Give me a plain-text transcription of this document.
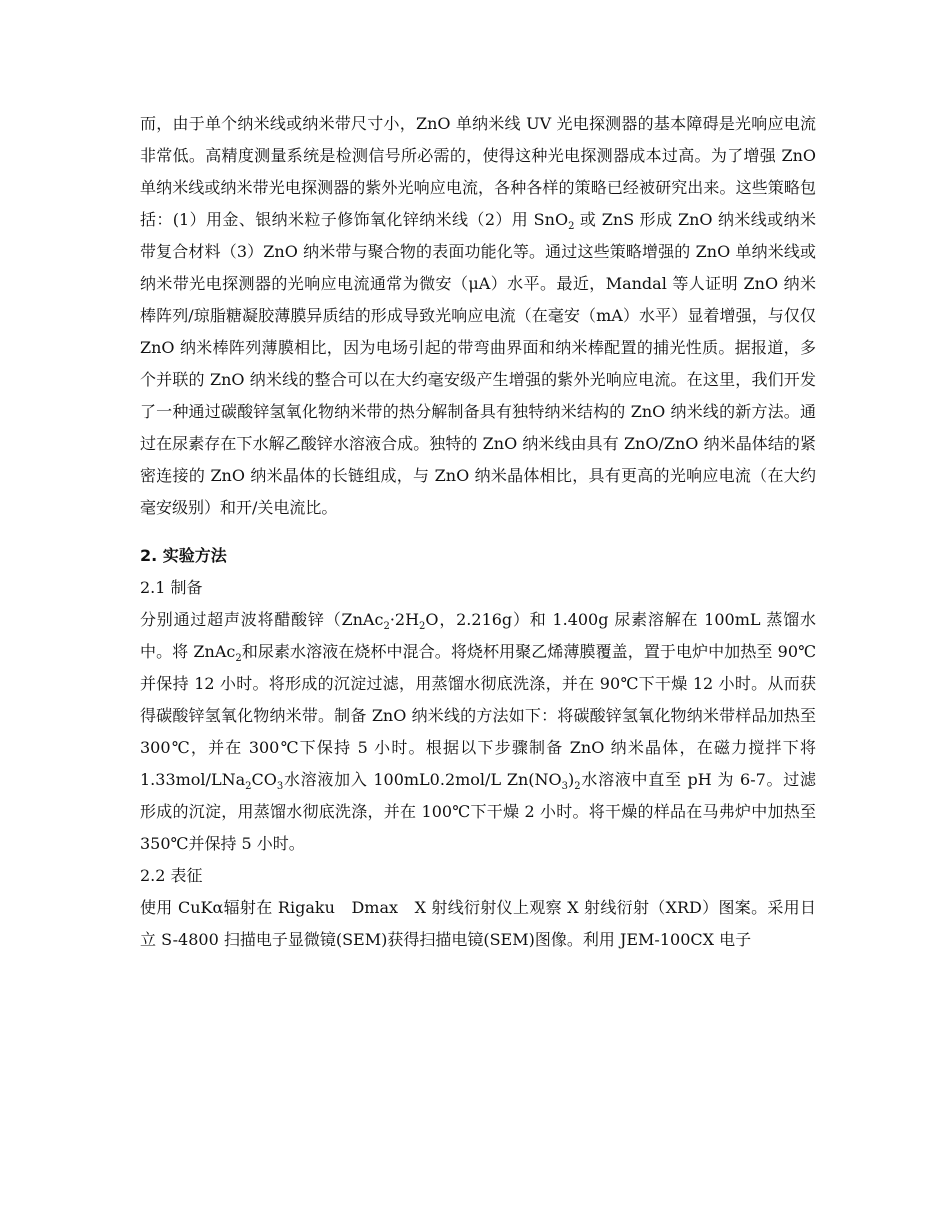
而，由于单个纳米线或纳米带尺寸小，ZnO 单纳米线 UV 光电探测器的基本障碍是光响应电流非常低。高精度测量系统是检测信号所必需的，使得这种光电探测器成本过高。为了增强 ZnO 单纳米线或纳米带光电探测器的紫外光响应电流，各种各样的策略已经被研究出来。这些策略包括：(1）用金、银纳米粒子修饰氧化锌纳米线（2）用 SnO$_2$ 或 ZnS 形成 ZnO 纳米线或纳米带复合材料（3）ZnO 纳米带与聚合物的表面功能化等。通过这些策略增强的 ZnO 单纳米线或纳米带光电探测器的光响应电流通常为微安（μA）水平。最近，Mandal 等人证明 ZnO 纳米棒阵列/琼脂糖凝胶薄膜异质结的形成导致光响应电流（在毫安（mA）水平）显着增强，与仅仅 ZnO 纳米棒阵列薄膜相比，因为电场引起的带弯曲界面和纳米棒配置的捕光性质。据报道，多个并联的 ZnO 纳米线的整合可以在大约毫安级产生增强的紫外光响应电流。在这里，我们开发了一种通过碳酸锌氢氧化物纳米带的热分解制备具有独特纳米结构的 ZnO 纳米线的新方法。通过在尿素存在下水解乙酸锌水溶液合成。独特的 ZnO 纳米线由具有 ZnO/ZnO 纳米晶体结的紧密连接的 ZnO 纳米晶体的长链组成，与 ZnO 纳米晶体相比，具有更高的光响应电流（在大约毫安级别）和开/关电流比。

2. 实验方法
2.1 制备

分别通过超声波将醋酸锌（$ZnAc_2\cdot 2H_2O$，2.216g）和 1.400g 尿素溶解在 100mL 蒸馏水中。将 ZnAc$_2$和尿素水溶液在烧杯中混合。将烧杯用聚乙烯薄膜覆盖，置于电炉中加热至 90℃并保持 12 小时。将形成的沉淀过滤，用蒸馏水彻底洗涤，并在 90℃下干燥 12 小时。从而获得碳酸锌氢氧化物纳米带。制备 ZnO 纳米线的方法如下：将碳酸锌氢氧化物纳米带样品加热至 300℃，并在 300℃下保持 5 小时。根据以下步骤制备 ZnO 纳米晶体，在磁力搅拌下将 $1.33mol/LNa_2CO_3$水溶液加入 100mL0.2mol/L $Zn(NO_3)_2$水溶液中直至 pH 为 6-7。过滤形成的沉淀，用蒸馏水彻底洗涤，并在 100℃下干燥 2 小时。将干燥的样品在马弗炉中加热至 350℃并保持 5 小时。

2.2 表征

使用 CuKα辐射在 Rigaku　Dmax　X 射线衍射仪上观察 X 射线衍射（XRD）图案。采用日立 S-4800 扫描电子显微镜(SEM)获得扫描电镜(SEM)图像。利用 JEM-100CX 电子
